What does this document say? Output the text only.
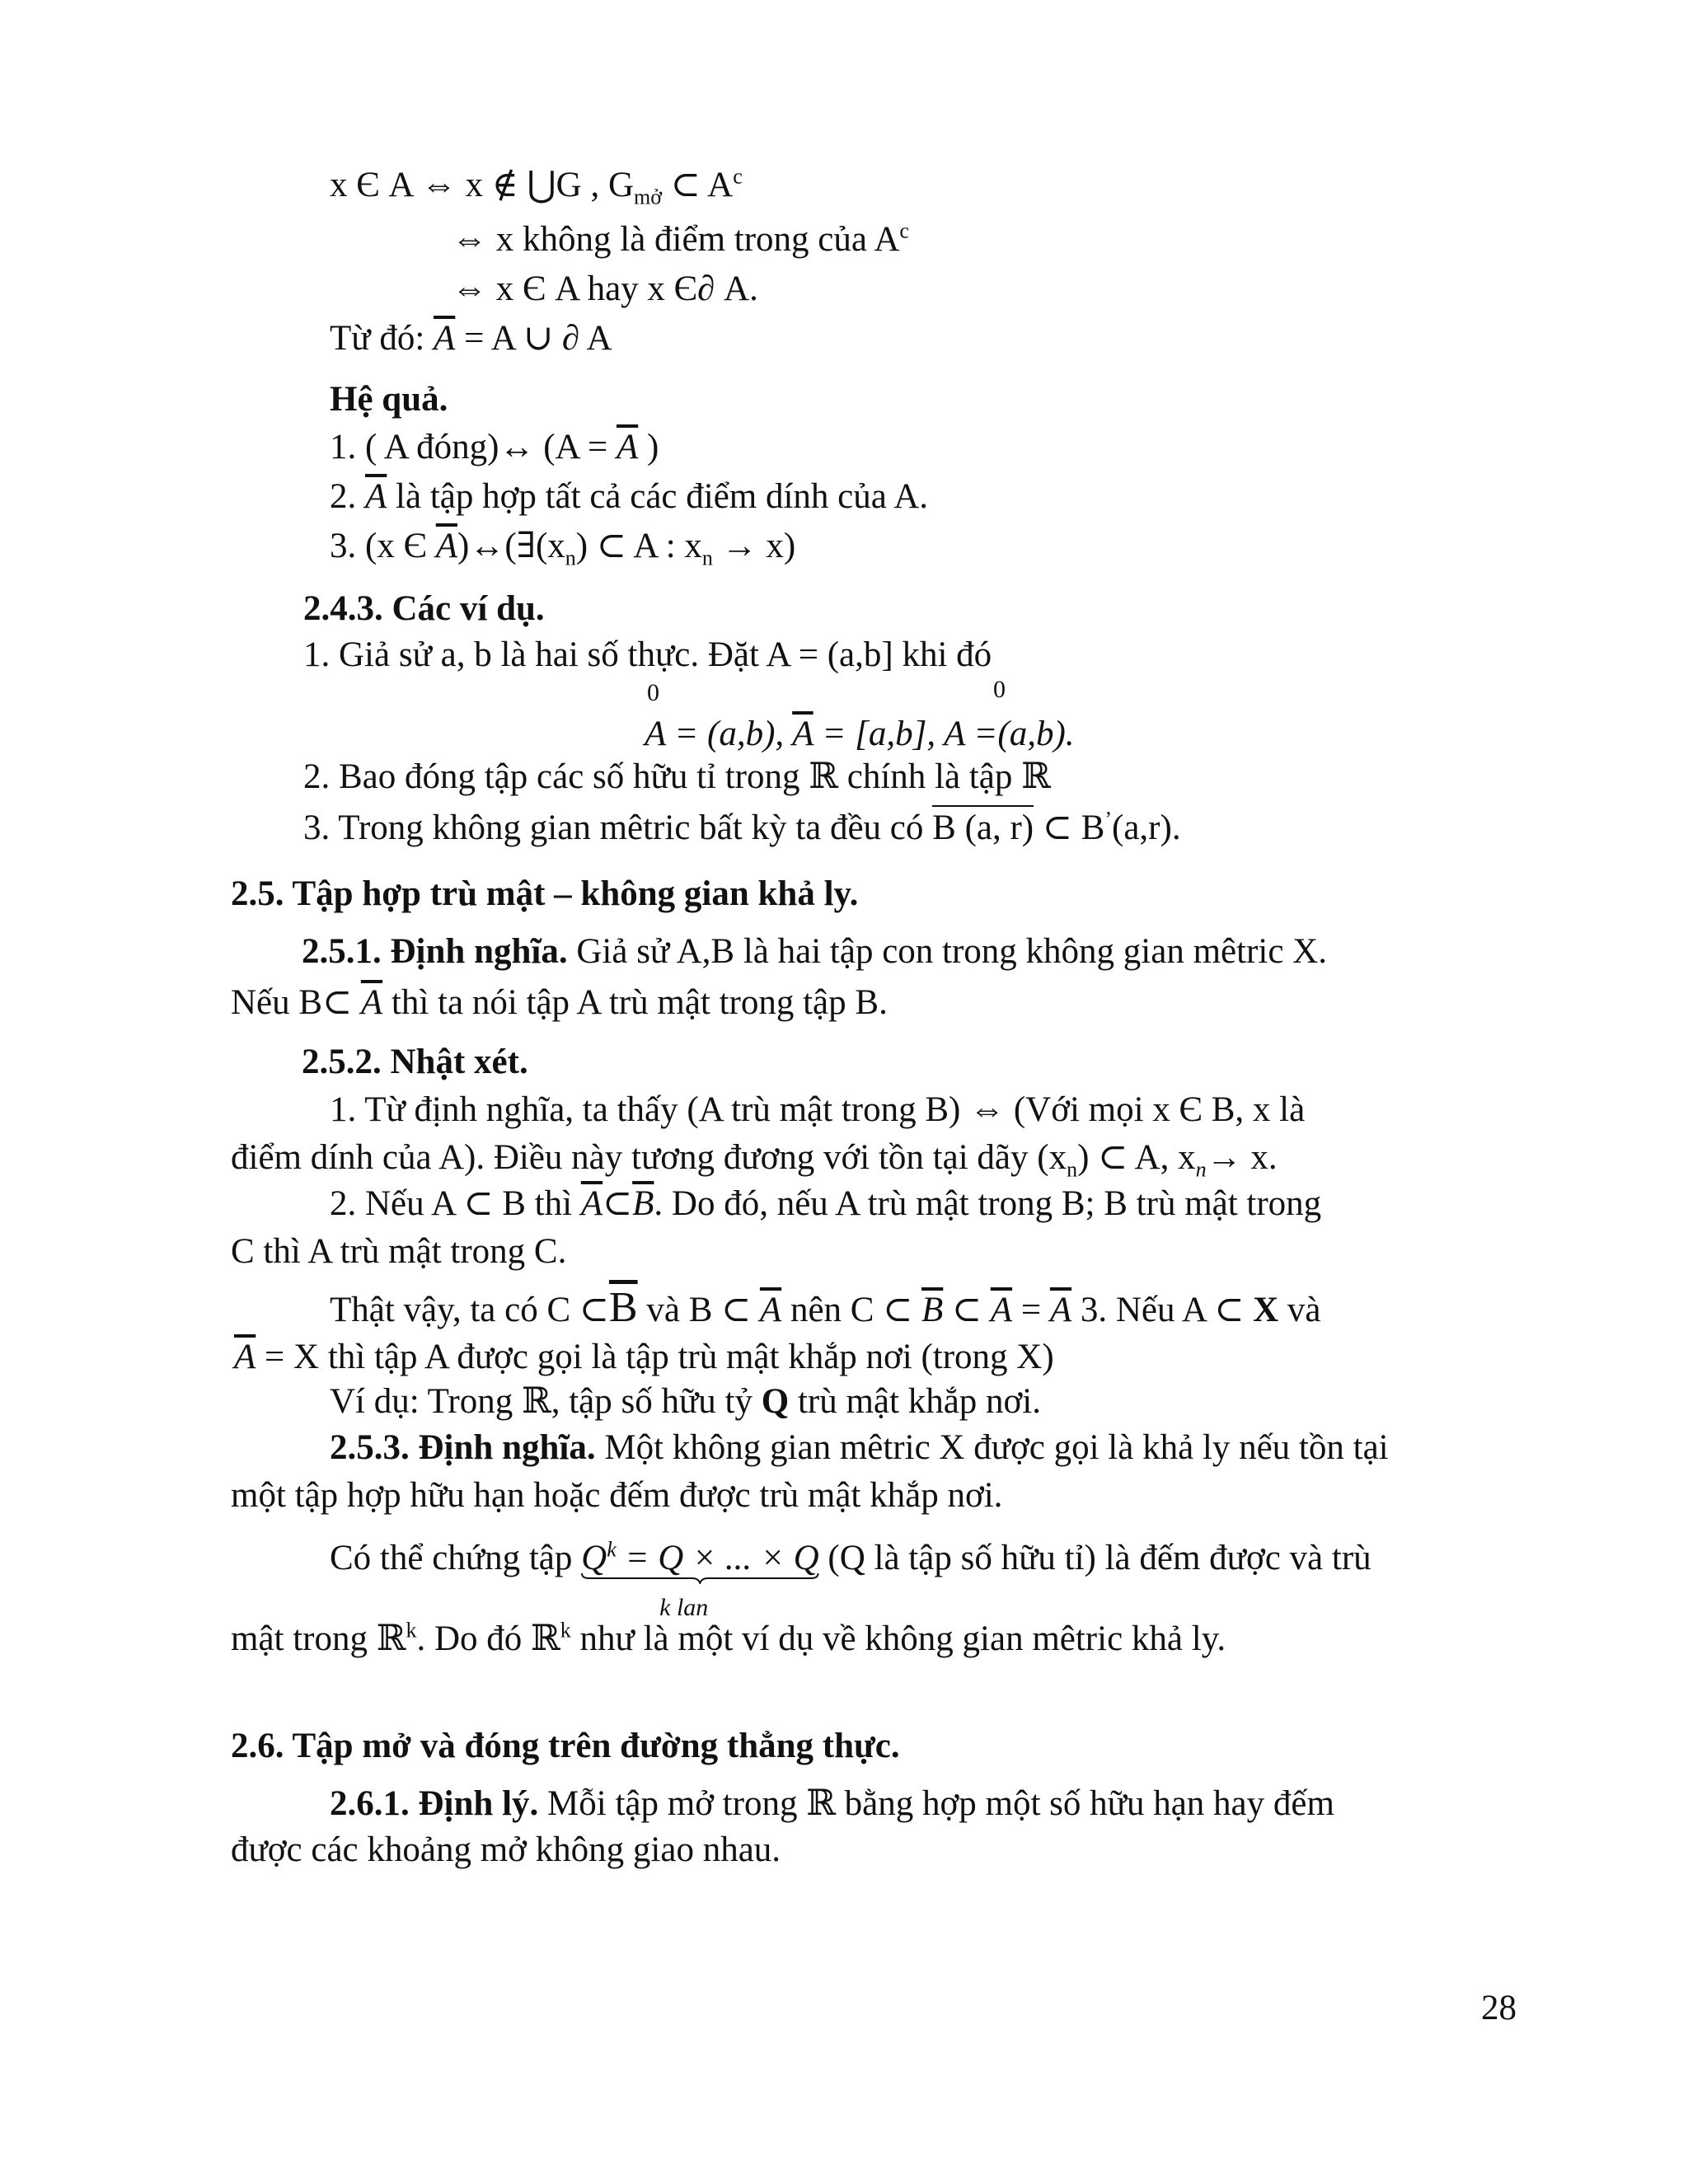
x Є A ⇔ x ∉ ⋃G , $G_{mở}$ ⊂ $A^c$
⇔ x không là điểm trong của $A^c$
⇔ x Є A hay x Є∂ A.
Từ đó: $\overline{A} = A$ ∪ ∂ A
Hệ quả.
1. ( A đóng)↔ ($A = \overline{A}$ )
2. $\overline{A}$ là tập hợp tất cả các điểm dính của A.
3. (x Є $\overline{A})\leftrightarrow(\exists(x_n)$ ⊂ A : $x_n \to x$)
2.4.3. Các ví dụ.
1. Giả sử a, b là hai số thực. Đặt A = (a,b] khi đó
0	0
A = (a,b), $\overline{A} = [a,b]$, A =(a,b).
2. Bao đóng tập các số hữu tỉ trong ℝ chính là tập ℝ
3. Trong không gian mêtric bất kỳ ta đều có B (a, r) ⊂ B’(a,r).
2.5. Tập hợp trù mật – không gian khả ly.
2.5.1. Định nghĩa. Giả sử A,B là hai tập con trong không gian mêtric X.
Nếu B⊂ $\overline{A}$ thì ta nói tập A trù mật trong tập B.
2.5.2. Nhật xét.
1. Từ định nghĩa, ta thấy (A trù mật trong B) ⇔ (Với mọi x Є B, x là
điểm dính của A). Điều này tương đương với tồn tại dãy $(x_n)$ ⊂ A, $x_n\to x$.
2. Nếu A ⊂ B thì $\overline{A}\subset\overline{B}$. Do đó, nếu A trù mật trong B; B trù mật trong
C thì A trù mật trong C.
Thật vậy, ta có C $\subset\overline{B}$ và B ⊂ $\overline{A}$ nên C ⊂ $\overline{B}$ ⊂ $\overline{A} = \overline{A}$ 3. Nếu A ⊂ X và
$\overline{A} = X$ thì tập A được gọi là tập trù mật khắp nơi (trong X)
Ví dụ: Trong ℝ, tập số hữu tỷ Q trù mật khắp nơi.
2.5.3. Định nghĩa. Một không gian mêtric X được gọi là khả ly nếu tồn tại
một tập hợp hữu hạn hoặc đếm được trù mật khắp nơi.
Có thể chứng tập $Q^k = Q$ × ... × Q
k lan
(Q là tập số hữu tỉ) là đếm được và trù
mật trong ℝ$^k$. Do đó ℝ$^k$ như là một ví dụ về không gian mêtric khả ly.
2.6. Tập mở và đóng trên đường thẳng thực.
2.6.1. Định lý. Mỗi tập mở trong ℝ bằng hợp một số hữu hạn hay đếm
được các khoảng mở không giao nhau.
28
